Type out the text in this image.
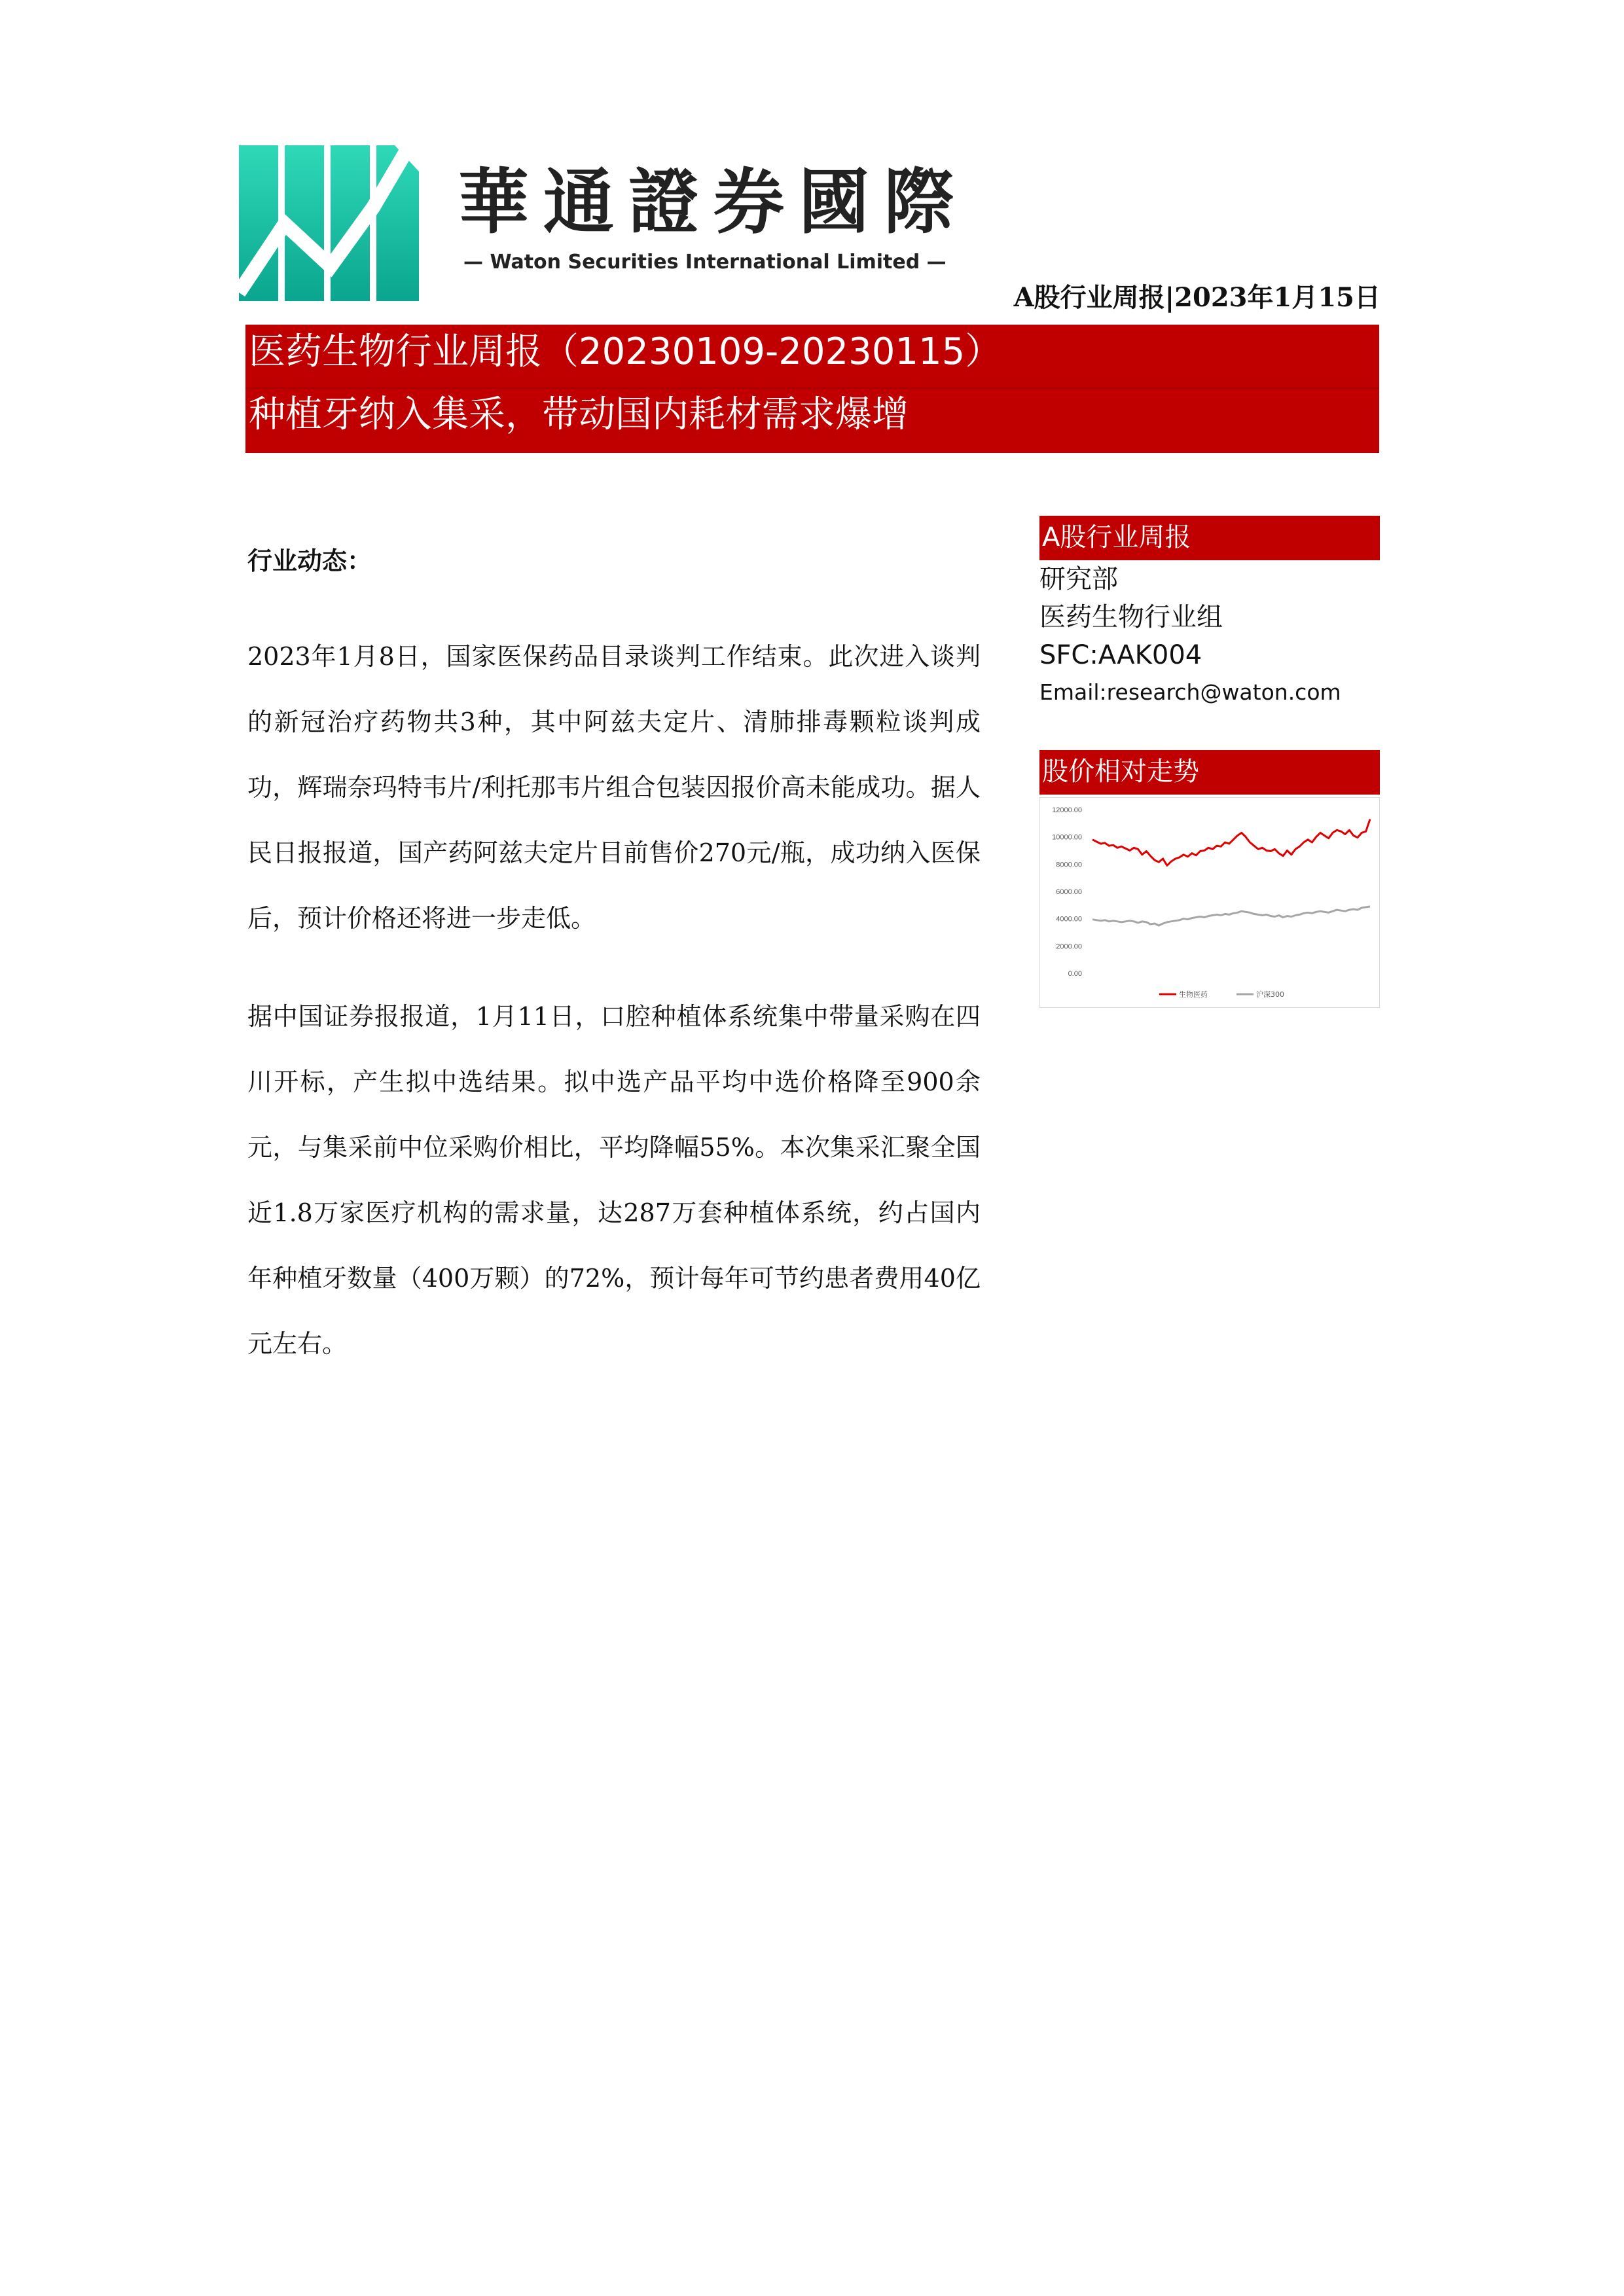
華通證券國際
— Waton Securities International Limited —
A股行业周报|2023年1月15日
医药生物行业周报（20230109-20230115）
种植牙纳入集采，带动国内耗材需求爆增
行业动态：

2023年1月8日，国家医保药品目录谈判工作结束。此次进入谈判的新冠治疗药物共3种，其中阿兹夫定片、清肺排毒颗粒谈判成功，辉瑞奈玛特韦片/利托那韦片组合包装因报价高未能成功。据人民日报报道，国产药阿兹夫定片目前售价270元/瓶，成功纳入医保后，预计价格还将进一步走低。

据中国证券报报道，1月11日，口腔种植体系统集中带量采购在四川开标，产生拟中选结果。拟中选产品平均中选价格降至900余元，与集采前中位采购价相比，平均降幅55%。本次集采汇聚全国近1.8万家医疗机构的需求量，达287万套种植体系统，约占国内年种植牙数量（400万颗）的72%，预计每年可节约患者费用40亿元左右。

A股行业周报
研究部
医药生物行业组
SFC:AAK004
Email:research@waton.com
股价相对走势
12000.00
10000.00
8000.00
6000.00
4000.00
2000.00
0.00
生物医药	沪深300
